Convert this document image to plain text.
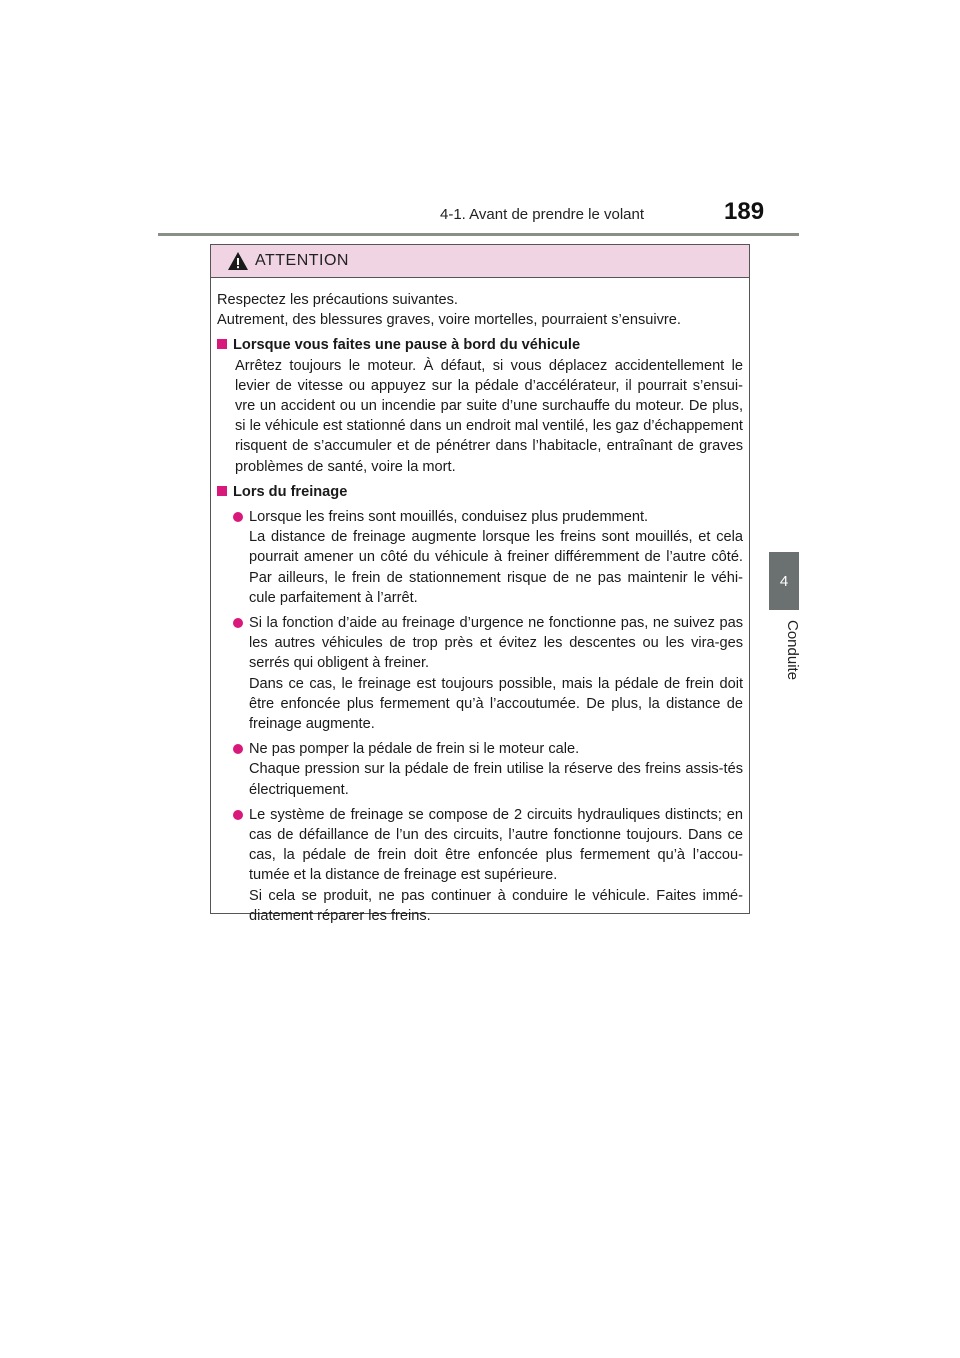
4-1. Avant de prendre le volant	189
4
Conduite
ATTENTION
Respectez les précautions suivantes.
Autrement, des blessures graves, voire mortelles, pourraient s’ensuivre.
Lorsque vous faites une pause à bord du véhicule
Arrêtez toujours le moteur. À défaut, si vous déplacez accidentellement le levier de vitesse ou appuyez sur la pédale d’accélérateur, il pourrait s’ensui-vre un accident ou un incendie par suite d’une surchauffe du moteur. De plus, si le véhicule est stationné dans un endroit mal ventilé, les gaz d’échappement risquent de s’accumuler et de pénétrer dans l’habitacle, entraînant de graves problèmes de santé, voire la mort.
Lors du freinage
Lorsque les freins sont mouillés, conduisez plus prudemment.
La distance de freinage augmente lorsque les freins sont mouillés, et cela pourrait amener un côté du véhicule à freiner différemment de l’autre côté. Par ailleurs, le frein de stationnement risque de ne pas maintenir le véhi-cule parfaitement à l’arrêt.
Si la fonction d’aide au freinage d’urgence ne fonctionne pas, ne suivez pas les autres véhicules de trop près et évitez les descentes ou les vira-ges serrés qui obligent à freiner.
Dans ce cas, le freinage est toujours possible, mais la pédale de frein doit être enfoncée plus fermement qu’à l’accoutumée. De plus, la distance de freinage augmente.
Ne pas pomper la pédale de frein si le moteur cale.
Chaque pression sur la pédale de frein utilise la réserve des freins assis-tés électriquement.
Le système de freinage se compose de 2 circuits hydrauliques distincts; en cas de défaillance de l’un des circuits, l’autre fonctionne toujours. Dans ce cas, la pédale de frein doit être enfoncée plus fermement qu’à l’accou-tumée et la distance de freinage est supérieure.
Si cela se produit, ne pas continuer à conduire le véhicule. Faites immé-diatement réparer les freins.
